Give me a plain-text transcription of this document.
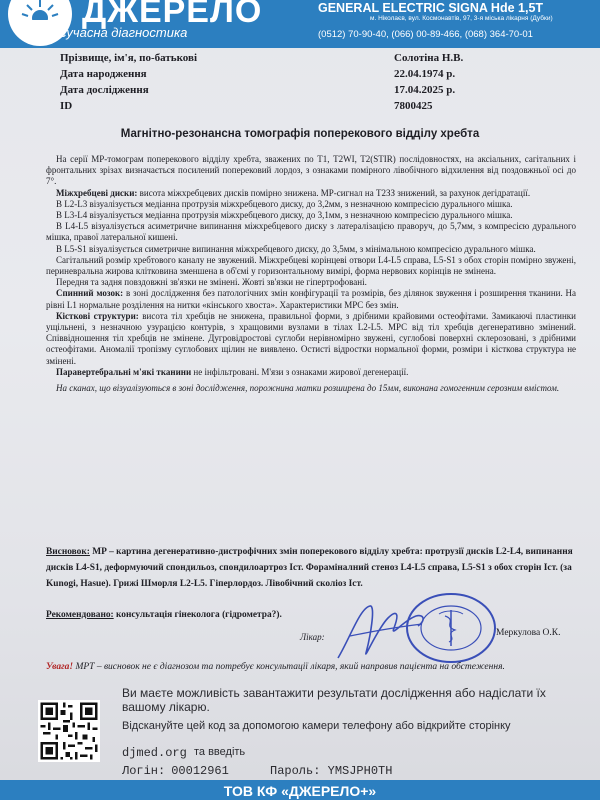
ДЖЕРЕЛО
сучасна діагностика
GENERAL ELECTRIC SIGNA Hde 1,5T
м. Ніколаєв, вул. Космонавтів, 97, 3-я міська лікарня (Дубки)
(0512) 70-90-40, (066) 00-89-466, (068) 364-70-01
Прізвище, ім'я, по-батькові	Солотіна Н.В.
Дата народження	22.04.1974 р.
Дата дослідження	17.04.2025 р.
ID	7800425
Магнітно-резонансна томографія поперекового відділу хребта

На серії МР-томограм поперекового відділу хребта, зважених по Т1, T2WI, T2(STIR) послідовностях, на аксіальних, сагітальних і фронтальних зрізах визначається посилений поперековий лордоз, з ознаками помірного лівобічного відхилення від поздовжньої осі до 7°.

Міжхребцеві диски: висота міжхребцевих дисків помірно знижена. МР-сигнал на Т2ЗЗ знижений, за рахунок дегідратації.

В L2-L3 візуалізується медіанна протрузія міжхребцевого диску, до 3,2мм, з незначною компресією дурального мішка.

В L3-L4 візуалізується медіанна протрузія міжхребцевого диску, до 3,1мм, з незначною компресією дурального мішка.

В L4-L5 візуалізується асиметричне випинання міжхребцевого диску з латералізацією праворуч, до 5,7мм, з компресією дурального мішка, правої латеральної кишені.

В L5-S1 візуалізується симетричне випинання міжхребцевого диску, до 3,5мм, з мінімальною компресією дурального мішка.

Сагітальний розмір хребтового каналу не звужений. Міжхребцеві корінцеві отвори L4-L5 справа, L5-S1 з обох сторін помірно звужені, периневральна жирова клітковина зменшена в об'ємі у горизонтальному вимірі, форма нервових корінців не змінена.

Передня та задня повздовжні зв'язки не змінені. Жовті зв'язки не гіпертрофовані.

Спинний мозок: в зоні дослідження без патологічних змін конфігурації та розмірів, без ділянок звуження і розширення тканини. На рівні L1 нормальне розділення на нитки «кінського хвоста». Характеристики МРС без змін.

Кісткові структури: висота тіл хребців не знижена, правильної форми, з дрібними крайовими остеофітами. Замикаючі пластинки ущільнені, з незначною узурацією контурів, з хращовими вузлами в тілах L2-L5. МРС від тіл хребців дегенеративно змінений. Співвідношення тіл хребців не змінене. Дугровідростові суглоби нерівномірно звужені, суглобові поверхні склерозовані, з дрібними остеофітами. Аномалії тропізму суглобових щілин не виявлено. Остисті відростки нормальної форми, розміри і кісткова структура не змінені.

Паравертебральні м'які тканини не інфільтровані. М'язи з ознаками жирової дегенерації.

На сканах, що візуалізуються в зоні дослідження, порожнина матки розширена до 15мм, виконана гомогенним серозним вмістом.

Висновок: МР – картина дегенеративно-дистрофічних змін поперекового відділу хребта: протрузії дисків L2-L4, випинання дисків L4-S1, деформуючий спондильоз, спондилоартроз Іст. Фораміналний стеноз L4-L5 справа, L5-S1 з обох сторін Іст. (за Kunogi, Hasue). Грижі Шморля L2-L5. Гіперлордоз. Лівобічний сколіоз Іст.
Рекомендовано: консультація гінеколога (гідрометра?).
Лікар:	Меркулова О.К.
Увага! МРТ – висновок не є діагнозом та потребує консультації лікаря, який направив пацієнта на обстеження.
Ви маєте можливість завантажити результати дослідження або надіслати їх вашому лікарю.
Відскануйте цей код за допомогою камери телефону або відкрийте сторінку
djmed.org та введіть
Логін: 00012961	Пароль: YMSJPH0TH
ТОВ КФ «ДЖЕРЕЛО+»
